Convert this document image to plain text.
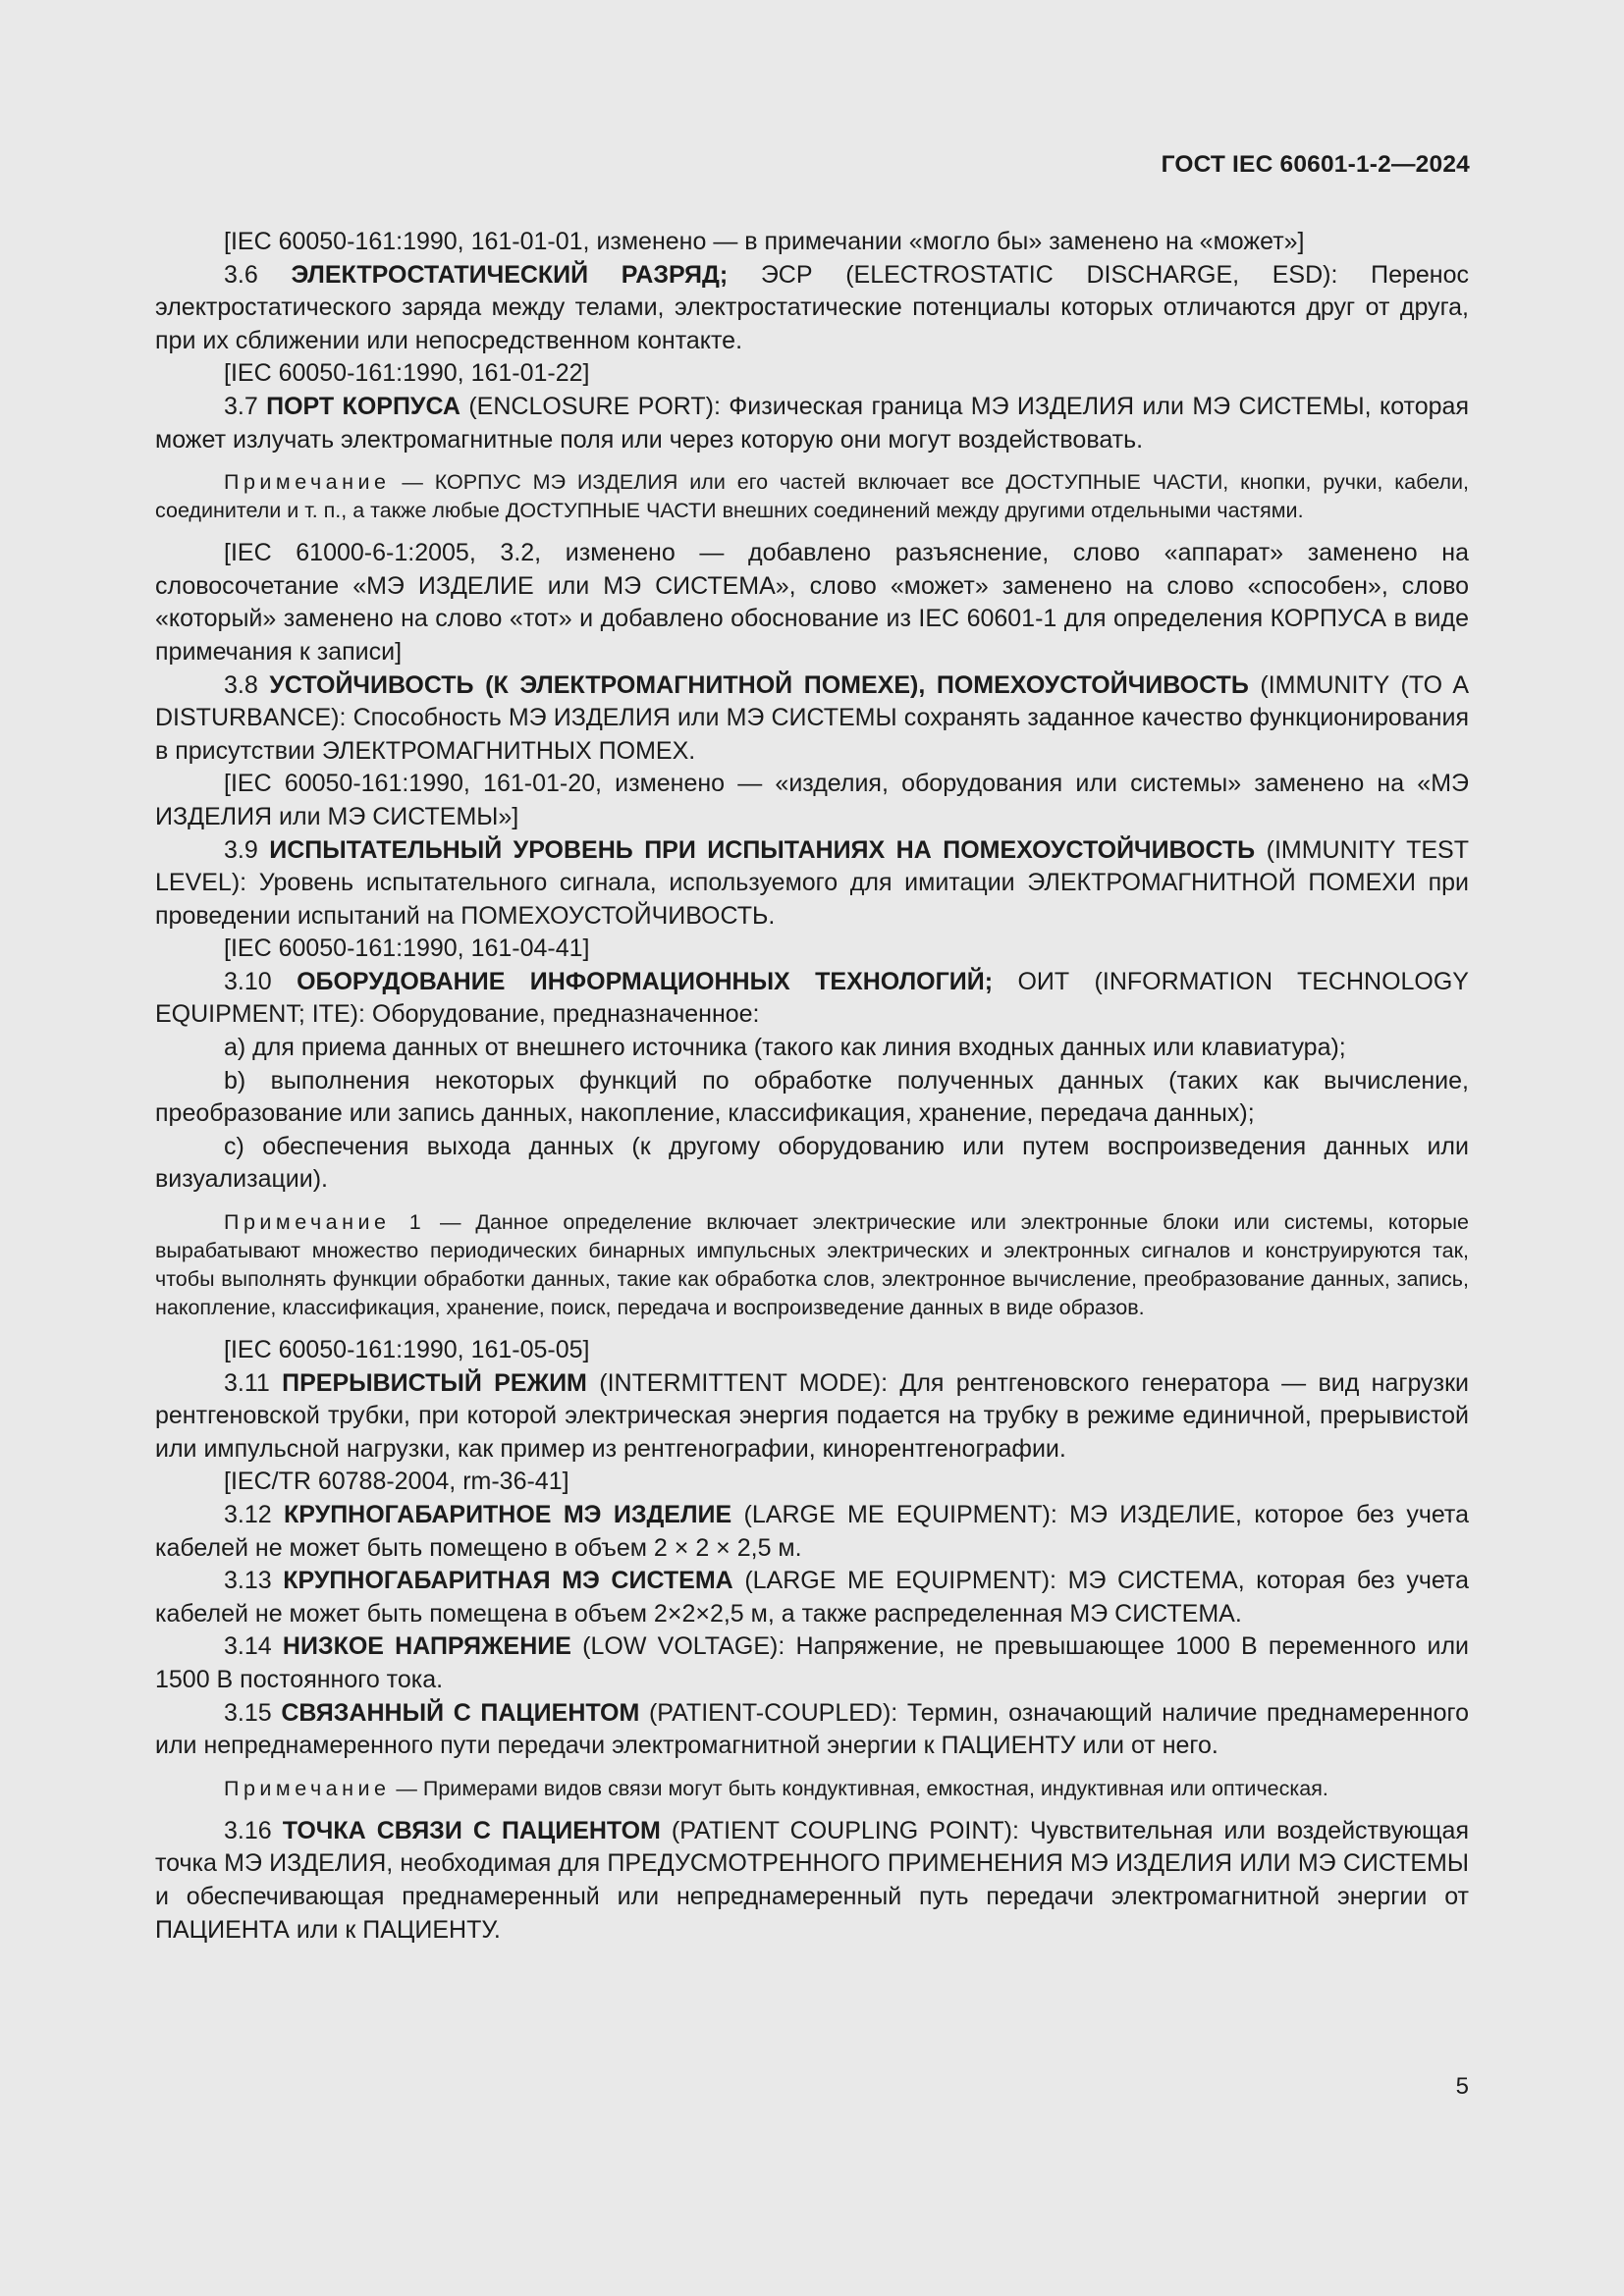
ГОСТ IEC 60601-1-2—2024

[IEC 60050-161:1990, 161-01-01, изменено — в примечании «могло бы» заменено на «может»]

3.6 ЭЛЕКТРОСТАТИЧЕСКИЙ РАЗРЯД; ЭСР (ELECTROSTATIC DISCHARGE, ESD): Перенос электростатического заряда между телами, электростатические потенциалы которых отличаются друг от друга, при их сближении или непосредственном контакте.

[IEC 60050-161:1990, 161-01-22]

3.7 ПОРТ КОРПУСА (ENCLOSURE PORT): Физическая граница МЭ ИЗДЕЛИЯ или МЭ СИСТЕМЫ, которая может излучать электромагнитные поля или через которую они могут воздействовать.

Примечание — КОРПУС МЭ ИЗДЕЛИЯ или его частей включает все ДОСТУПНЫЕ ЧАСТИ, кнопки, ручки, кабели, соединители и т. п., а также любые ДОСТУПНЫЕ ЧАСТИ внешних соединений между другими отдельными частями.

[IEC 61000-6-1:2005, 3.2, изменено — добавлено разъяснение, слово «аппарат» заменено на словосочетание «МЭ ИЗДЕЛИЕ или МЭ СИСТЕМА», слово «может» заменено на слово «способен», слово «который» заменено на слово «тот» и добавлено обоснование из IEC 60601-1 для определения КОРПУСА в виде примечания к записи]

3.8 УСТОЙЧИВОСТЬ (К ЭЛЕКТРОМАГНИТНОЙ ПОМЕХЕ), ПОМЕХОУСТОЙЧИВОСТЬ (IMMUNITY (TO A DISTURBANCE): Способность МЭ ИЗДЕЛИЯ или МЭ СИСТЕМЫ сохранять заданное качество функционирования в присутствии ЭЛЕКТРОМАГНИТНЫХ ПОМЕХ.

[IEC 60050-161:1990, 161-01-20, изменено — «изделия, оборудования или системы» заменено на «МЭ ИЗДЕЛИЯ или МЭ СИСТЕМЫ»]

3.9 ИСПЫТАТЕЛЬНЫЙ УРОВЕНЬ ПРИ ИСПЫТАНИЯХ НА ПОМЕХОУСТОЙЧИВОСТЬ (IMMUNITY TEST LEVEL): Уровень испытательного сигнала, используемого для имитации ЭЛЕКТРОМАГНИТНОЙ ПОМЕХИ при проведении испытаний на ПОМЕХОУСТОЙЧИВОСТЬ.

[IEC 60050-161:1990, 161-04-41]

3.10 ОБОРУДОВАНИЕ ИНФОРМАЦИОННЫХ ТЕХНОЛОГИЙ; ОИТ (INFORMATION TECHNOLOGY EQUIPMENT; ITE): Оборудование, предназначенное:

a) для приема данных от внешнего источника (такого как линия входных данных или клавиатура);

b) выполнения некоторых функций по обработке полученных данных (таких как вычисление, преобразование или запись данных, накопление, классификация, хранение, передача данных);

c) обеспечения выхода данных (к другому оборудованию или путем воспроизведения данных или визуализации).

Примечание 1 — Данное определение включает электрические или электронные блоки или системы, которые вырабатывают множество периодических бинарных импульсных электрических и электронных сигналов и конструируются так, чтобы выполнять функции обработки данных, такие как обработка слов, электронное вычисление, преобразование данных, запись, накопление, классификация, хранение, поиск, передача и воспроизведение данных в виде образов.

[IEC 60050-161:1990, 161-05-05]

3.11 ПРЕРЫВИСТЫЙ РЕЖИМ (INTERMITTENT MODE): Для рентгеновского генератора — вид нагрузки рентгеновской трубки, при которой электрическая энергия подается на трубку в режиме единичной, прерывистой или импульсной нагрузки, как пример из рентгенографии, кинорентгенографии.

[IEC/TR 60788-2004, rm-36-41]

3.12 КРУПНОГАБАРИТНОЕ МЭ ИЗДЕЛИЕ (LARGE ME EQUIPMENT): МЭ ИЗДЕЛИЕ, которое без учета кабелей не может быть помещено в объем 2 × 2 × 2,5 м.

3.13 КРУПНОГАБАРИТНАЯ МЭ СИСТЕМА (LARGE ME EQUIPMENT): МЭ СИСТЕМА, которая без учета кабелей не может быть помещена в объем 2×2×2,5 м, а также распределенная МЭ СИСТЕМА.

3.14 НИЗКОЕ НАПРЯЖЕНИЕ (LOW VOLTAGE): Напряжение, не превышающее 1000 В переменного или 1500 В постоянного тока.

3.15 СВЯЗАННЫЙ С ПАЦИЕНТОМ (PATIENT-COUPLED): Термин, означающий наличие преднамеренного или непреднамеренного пути передачи электромагнитной энергии к ПАЦИЕНТУ или от него.

Примечание — Примерами видов связи могут быть кондуктивная, емкостная, индуктивная или оптическая.

3.16 ТОЧКА СВЯЗИ С ПАЦИЕНТОМ (PATIENT COUPLING POINT): Чувствительная или воздействующая точка МЭ ИЗДЕЛИЯ, необходимая для ПРЕДУСМОТРЕННОГО ПРИМЕНЕНИЯ МЭ ИЗДЕЛИЯ ИЛИ МЭ СИСТЕМЫ и обеспечивающая преднамеренный или непреднамеренный путь передачи электромагнитной энергии от ПАЦИЕНТА или к ПАЦИЕНТУ.

5
